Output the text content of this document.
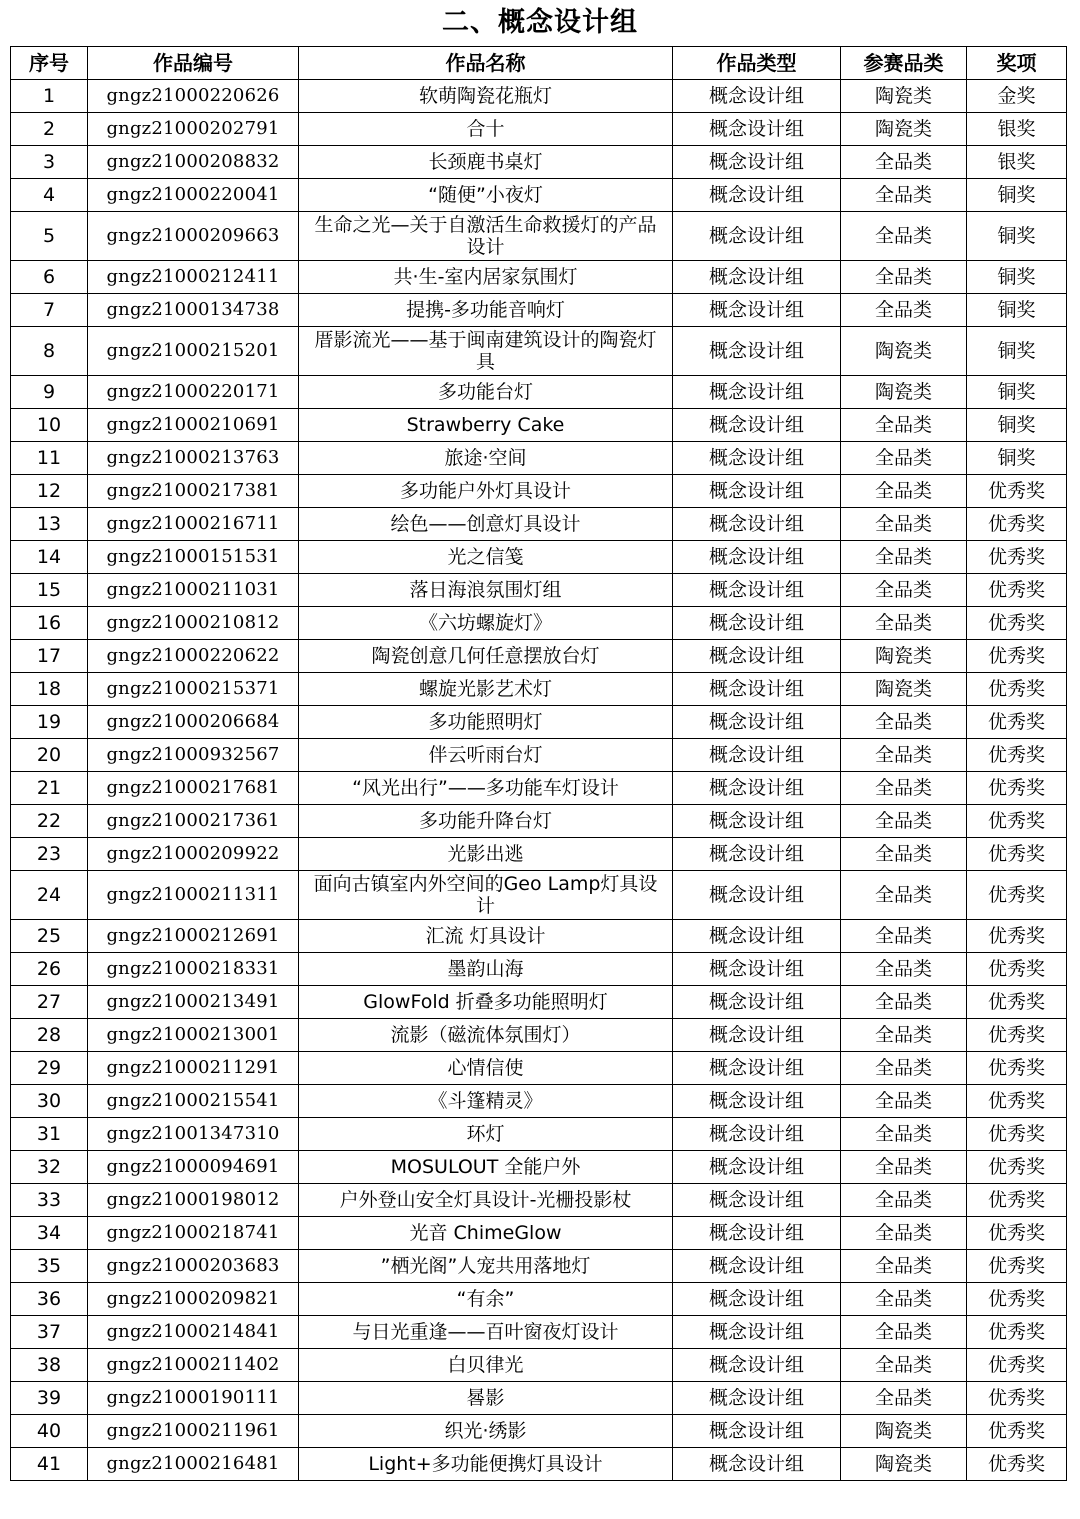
二、概念设计组
序号	作品编号	作品名称	作品类型	参赛品类	奖项
1	gngz21000220626	软萌陶瓷花瓶灯	概念设计组	陶瓷类	金奖
2	gngz21000202791	合十	概念设计组	陶瓷类	银奖
3	gngz21000208832	长颈鹿书桌灯	概念设计组	全品类	银奖
4	gngz21000220041	“随便”小夜灯	概念设计组	全品类	铜奖
5	gngz21000209663	生命之光—关于自激活生命救援灯的产品设计	概念设计组	全品类	铜奖
6	gngz21000212411	共·生-室内居家氛围灯	概念设计组	全品类	铜奖
7	gngz21000134738	提携-多功能音响灯	概念设计组	全品类	铜奖
8	gngz21000215201	厝影流光——基于闽南建筑设计的陶瓷灯具	概念设计组	陶瓷类	铜奖
9	gngz21000220171	多功能台灯	概念设计组	陶瓷类	铜奖
10	gngz21000210691	Strawberry Cake	概念设计组	全品类	铜奖
11	gngz21000213763	旅途·空间	概念设计组	全品类	铜奖
12	gngz21000217381	多功能户外灯具设计	概念设计组	全品类	优秀奖
13	gngz21000216711	绘色——创意灯具设计	概念设计组	全品类	优秀奖
14	gngz21000151531	光之信笺	概念设计组	全品类	优秀奖
15	gngz21000211031	落日海浪氛围灯组	概念设计组	全品类	优秀奖
16	gngz21000210812	《六坊螺旋灯》	概念设计组	全品类	优秀奖
17	gngz21000220622	陶瓷创意几何任意摆放台灯	概念设计组	陶瓷类	优秀奖
18	gngz21000215371	螺旋光影艺术灯	概念设计组	陶瓷类	优秀奖
19	gngz21000206684	多功能照明灯	概念设计组	全品类	优秀奖
20	gngz21000932567	伴云听雨台灯	概念设计组	全品类	优秀奖
21	gngz21000217681	“风光出行”——多功能车灯设计	概念设计组	全品类	优秀奖
22	gngz21000217361	多功能升降台灯	概念设计组	全品类	优秀奖
23	gngz21000209922	光影出逃	概念设计组	全品类	优秀奖
24	gngz21000211311	面向古镇室内外空间的Geo Lamp灯具设计	概念设计组	全品类	优秀奖
25	gngz21000212691	汇流 灯具设计	概念设计组	全品类	优秀奖
26	gngz21000218331	墨韵山海	概念设计组	全品类	优秀奖
27	gngz21000213491	GlowFold 折叠多功能照明灯	概念设计组	全品类	优秀奖
28	gngz21000213001	流影（磁流体氛围灯）	概念设计组	全品类	优秀奖
29	gngz21000211291	心情信使	概念设计组	全品类	优秀奖
30	gngz21000215541	《斗篷精灵》	概念设计组	全品类	优秀奖
31	gngz21001347310	环灯	概念设计组	全品类	优秀奖
32	gngz21000094691	MOSULOUT 全能户外	概念设计组	全品类	优秀奖
33	gngz21000198012	户外登山安全灯具设计-光栅投影杖	概念设计组	全品类	优秀奖
34	gngz21000218741	光音 ChimeGlow	概念设计组	全品类	优秀奖
35	gngz21000203683	”栖光阁”人宠共用落地灯	概念设计组	全品类	优秀奖
36	gngz21000209821	“有余”	概念设计组	全品类	优秀奖
37	gngz21000214841	与日光重逢——百叶窗夜灯设计	概念设计组	全品类	优秀奖
38	gngz21000211402	白贝律光	概念设计组	全品类	优秀奖
39	gngz21000190111	晷影	概念设计组	全品类	优秀奖
40	gngz21000211961	织光·绣影	概念设计组	陶瓷类	优秀奖
41	gngz21000216481	Light+多功能便携灯具设计	概念设计组	陶瓷类	优秀奖
